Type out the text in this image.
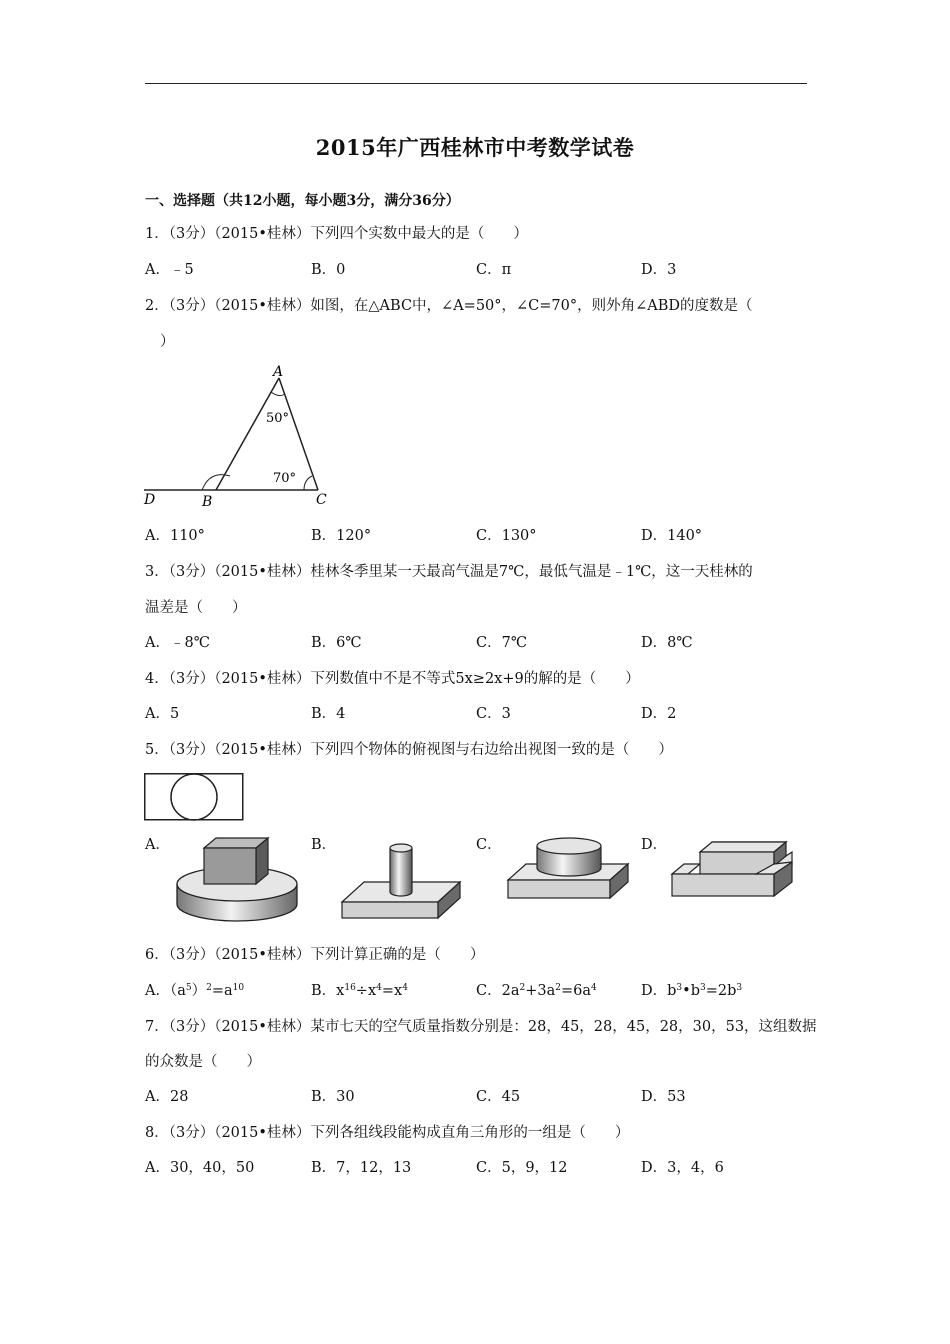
2015年广西桂林市中考数学试卷
一、选择题（共12小题，每小题3分，满分36分）
1．（3分）（2015•桂林）下列四个实数中最大的是（　　）
A．﹣5	B．0	C．π	D．3
2．（3分）（2015•桂林）如图，在△ABC中，∠A=50°，∠C=70°，则外角∠ABD的度数是（
）
A
B	C
D
50°
70°
A．110°	B．120°	C．130°	D．140°
3．（3分）（2015•桂林）桂林冬季里某一天最高气温是7℃，最低气温是﹣1℃，这一天桂林的
温差是（　　）
A．﹣8℃	B．6℃	C．7℃	D．8℃
4．（3分）（2015•桂林）下列数值中不是不等式5x≥2x+9的解的是（　　）
A．5	B．4	C．3	D．2
5．（3分）（2015•桂林）下列四个物体的俯视图与右边给出视图一致的是（　　）
A．	B．	C．	D．
6．（3分）（2015•桂林）下列计算正确的是（　　）
A．$(a^5)^2=a^{10}$	B．$x^{16}\div x^4=x^4$	C．$2a^2+3a^2=6a^4$	D．$b^3•b^3=2b^3$
7．（3分）（2015•桂林）某市七天的空气质量指数分别是：28，45，28，45，28，30，53，这组数据
的众数是（　　）
A．28	B．30	C．45	D．53
8．（3分）（2015•桂林）下列各组线段能构成直角三角形的一组是（　　）
A．30，40，50	B．7，12，13	C．5，9，12	D．3，4，6
